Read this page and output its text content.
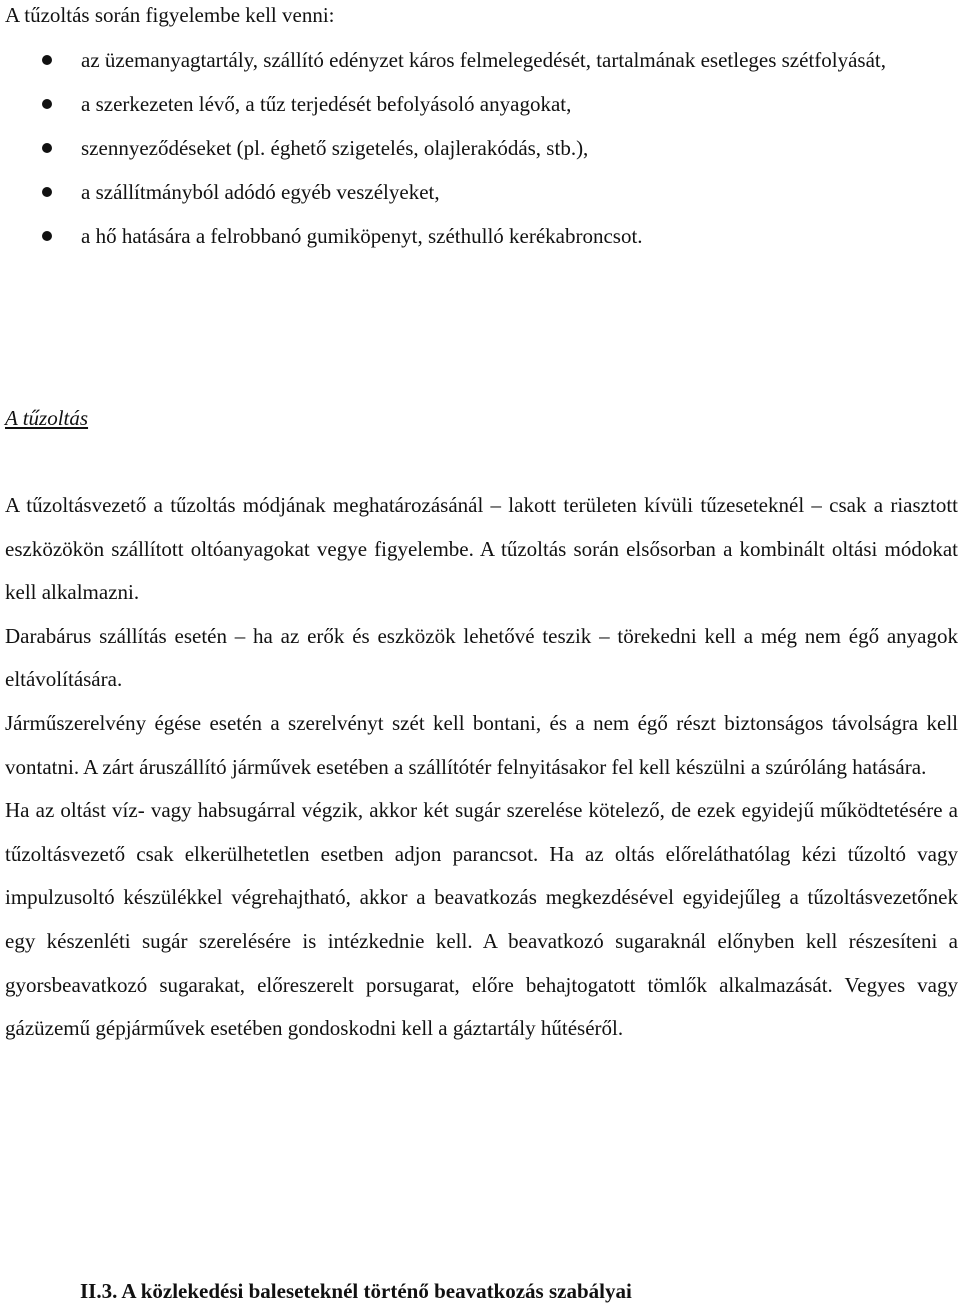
A tűzoltás során figyelembe kell venni:

az üzemanyagtartály, szállító edényzet káros felmelegedését, tartalmának esetleges szétfolyását,
a szerkezeten lévő, a tűz terjedését befolyásoló anyagokat,
szennyeződéseket (pl. éghető szigetelés, olajlerakódás, stb.),
a szállítmányból adódó egyéb veszélyeket,
a hő hatására a felrobbanó gumiköpenyt, széthulló kerékabroncsot.

A tűzoltás

A tűzoltásvezető a tűzoltás módjának meghatározásánál – lakott területen kívüli tűzeseteknél – csak a riasztott eszközökön szállított oltóanyagokat vegye figyelembe. A tűzoltás során elsősorban a kombinált oltási módokat kell alkalmazni.

Darabárus szállítás esetén – ha az erők és eszközök lehetővé teszik – törekedni kell a még nem égő anyagok eltávolítására.

Járműszerelvény égése esetén a szerelvényt szét kell bontani, és a nem égő részt biztonságos távolságra kell vontatni. A zárt áruszállító járművek esetében a szállítótér felnyitásakor fel kell készülni a szúróláng hatására.

Ha az oltást víz- vagy habsugárral végzik, akkor két sugár szerelése kötelező, de ezek egyidejű működtetésére a tűzoltásvezető csak elkerülhetetlen esetben adjon parancsot. Ha az oltás előreláthatólag kézi tűzoltó vagy impulzusoltó készülékkel végrehajtható, akkor a beavatkozás megkezdésével egyidejűleg a tűzoltásvezetőnek egy készenléti sugár szerelésére is intézkednie kell. A beavatkozó sugaraknál előnyben kell részesíteni a gyorsbeavatkozó sugarakat, előreszerelt porsugarat, előre behajtogatott tömlők alkalmazását. Vegyes vagy gázüzemű gépjárművek esetében gondoskodni kell a gáztartály hűtéséről.

II.3. A közlekedési baleseteknél történő beavatkozás szabályai
